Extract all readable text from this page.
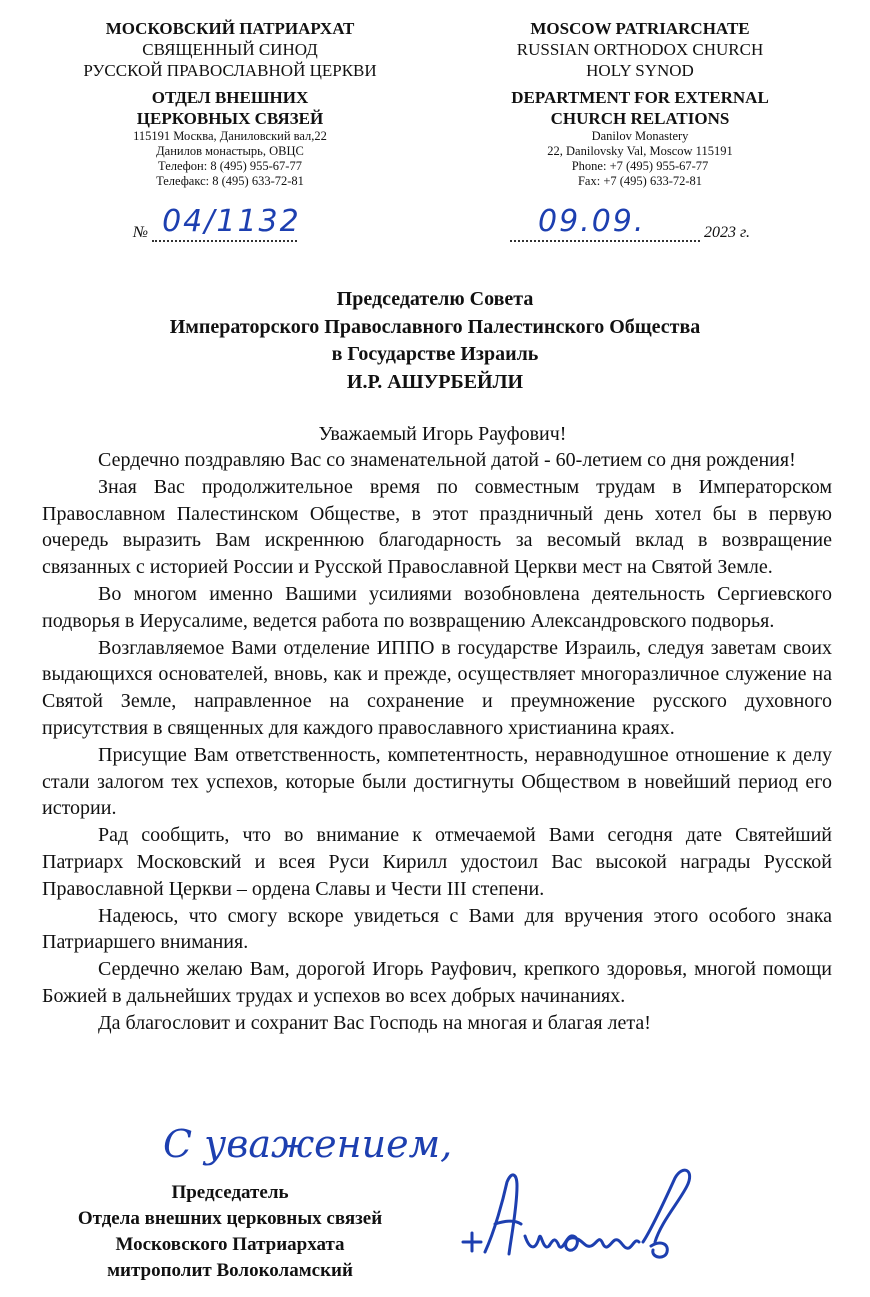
МОСКОВСКИЙ ПАТРИАРХАТ
СВЯЩЕННЫЙ СИНОД
РУССКОЙ ПРАВОСЛАВНОЙ ЦЕРКВИ
ОТДЕЛ ВНЕШНИХ
ЦЕРКОВНЫХ СВЯЗЕЙ
115191 Москва, Даниловский вал,22
Данилов монастырь, ОВЦС
Телефон: 8 (495) 955-67-77
Телефакс: 8 (495) 633-72-81
MOSCOW PATRIARCHATE
RUSSIAN ORTHODOX CHURCH
HOLY SYNOD
DEPARTMENT FOR EXTERNAL
CHURCH RELATIONS
Danilov Monastery
22, Danilovsky Val, Moscow 115191
Phone: +7 (495) 955-67-77
Fax: +7 (495) 633-72-81
№ 04/1132	09.09.	2023 г.
Председателю Совета
Императорского Православного Палестинского Общества
в Государстве Израиль
И.Р. АШУРБЕЙЛИ
Уважаемый Игорь Рауфович!

Сердечно поздравляю Вас со знаменательной датой - 60-летием со дня рождения!

Зная Вас продолжительное время по совместным трудам в Императорском Православном Палестинском Обществе, в этот праздничный день хотел бы в первую очередь выразить Вам искреннюю благодарность за весомый вклад в возвращение связанных с историей России и Русской Православной Церкви мест на Святой Земле.

Во многом именно Вашими усилиями возобновлена деятельность Сергиевского подворья в Иерусалиме, ведется работа по возвращению Александровского подворья.

Возглавляемое Вами отделение ИППО в государстве Израиль, следуя заветам своих выдающихся основателей, вновь, как и прежде, осуществляет многоразличное служение на Святой Земле, направленное на сохранение и преумножение русского духовного присутствия в священных для каждого православного христианина краях.

Присущие Вам ответственность, компетентность, неравнодушное отношение к делу стали залогом тех успехов, которые были достигнуты Обществом в новейший период его истории.

Рад сообщить, что во внимание к отмечаемой Вами сегодня дате Святейший Патриарх Московский и всея Руси Кирилл удостоил Вас высокой награды Русской Православной Церкви – ордена Славы и Чести III степени.

Надеюсь, что смогу вскоре увидеться с Вами для вручения этого особого знака Патриаршего внимания.

Сердечно желаю Вам, дорогой Игорь Рауфович, крепкого здоровья, многой помощи Божией в дальнейших трудах и успехов во всех добрых начинаниях.

Да благословит и сохранит Вас Господь на многая и благая лета!

С уважением,
Председатель
Отдела внешних церковных связей
Московского Патриархата
митрополит Волоколамский
